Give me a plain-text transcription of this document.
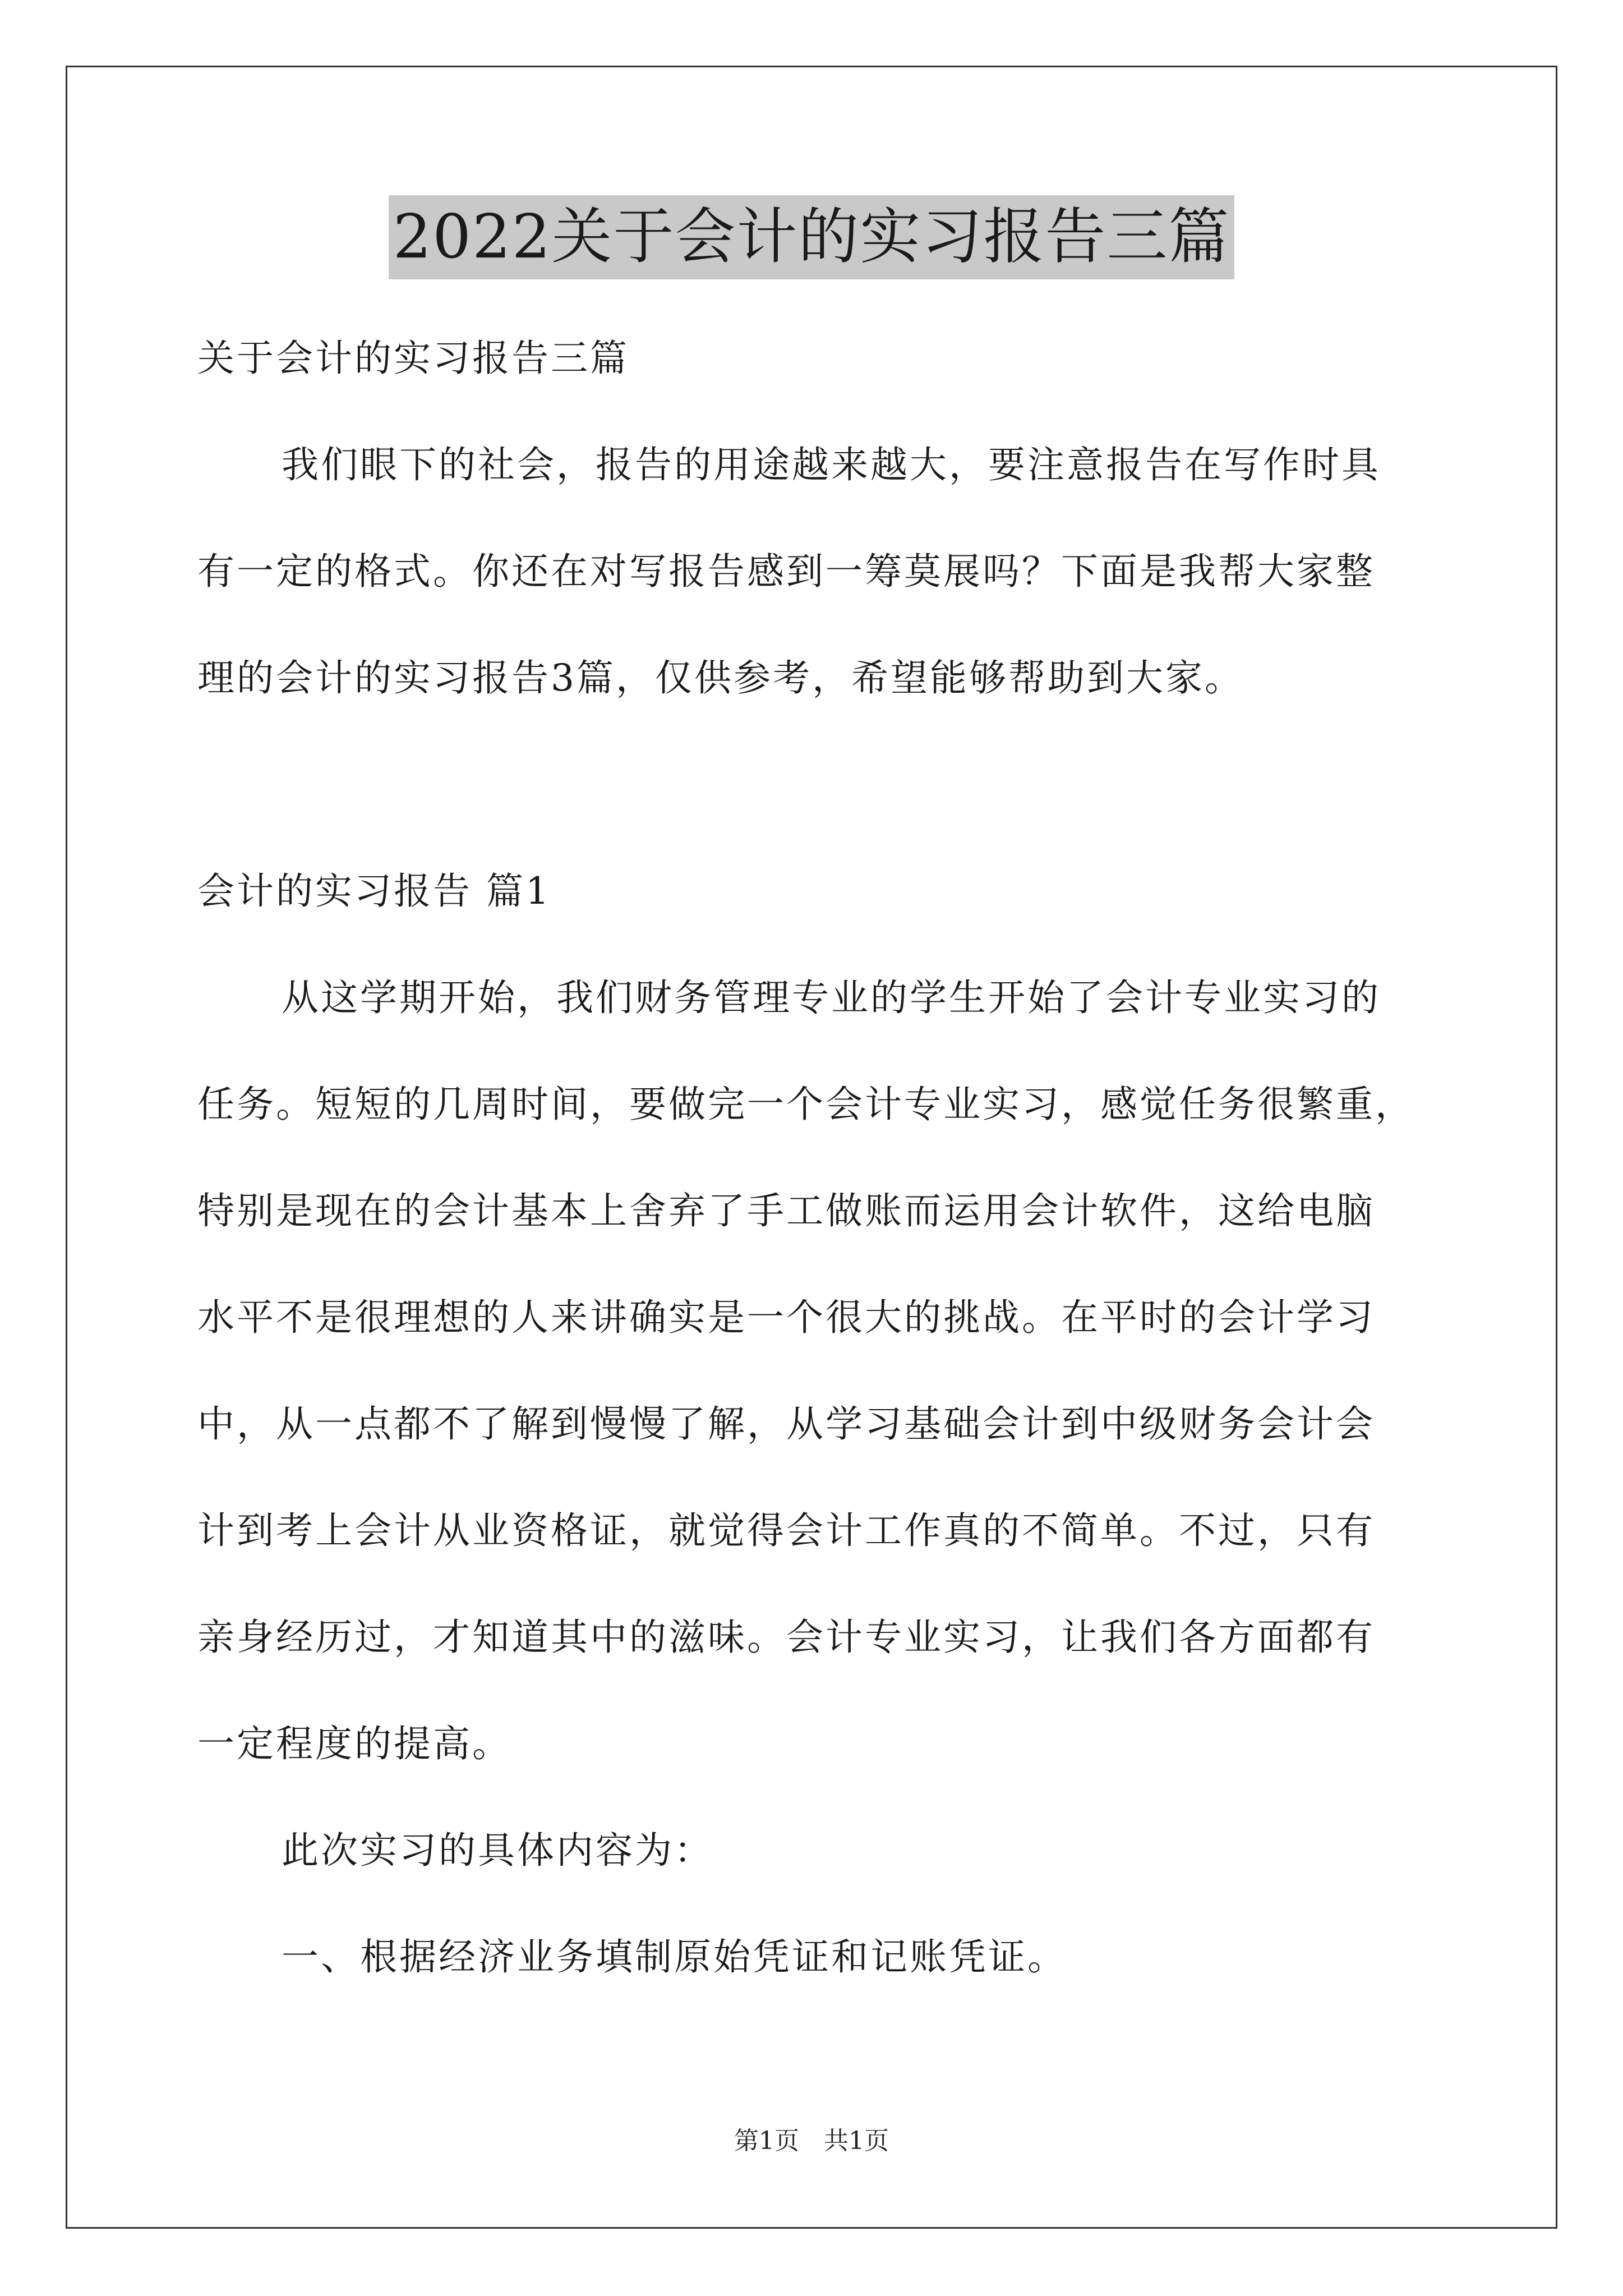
2022关于会计的实习报告三篇
关于会计的实习报告三篇
我们眼下的社会，报告的用途越来越大，要注意报告在写作时具
有一定的格式。你还在对写报告感到一筹莫展吗？下面是我帮大家整
理的会计的实习报告3篇，仅供参考，希望能够帮助到大家。
会计的实习报告 篇1
从这学期开始，我们财务管理专业的学生开始了会计专业实习的
任务。短短的几周时间，要做完一个会计专业实习，感觉任务很繁重，
特别是现在的会计基本上舍弃了手工做账而运用会计软件，这给电脑
水平不是很理想的人来讲确实是一个很大的挑战。在平时的会计学习
中，从一点都不了解到慢慢了解，从学习基础会计到中级财务会计会
计到考上会计从业资格证，就觉得会计工作真的不简单。不过，只有
亲身经历过，才知道其中的滋味。会计专业实习，让我们各方面都有
一定程度的提高。
此次实习的具体内容为：
一、根据经济业务填制原始凭证和记账凭证。
第1页　共1页
